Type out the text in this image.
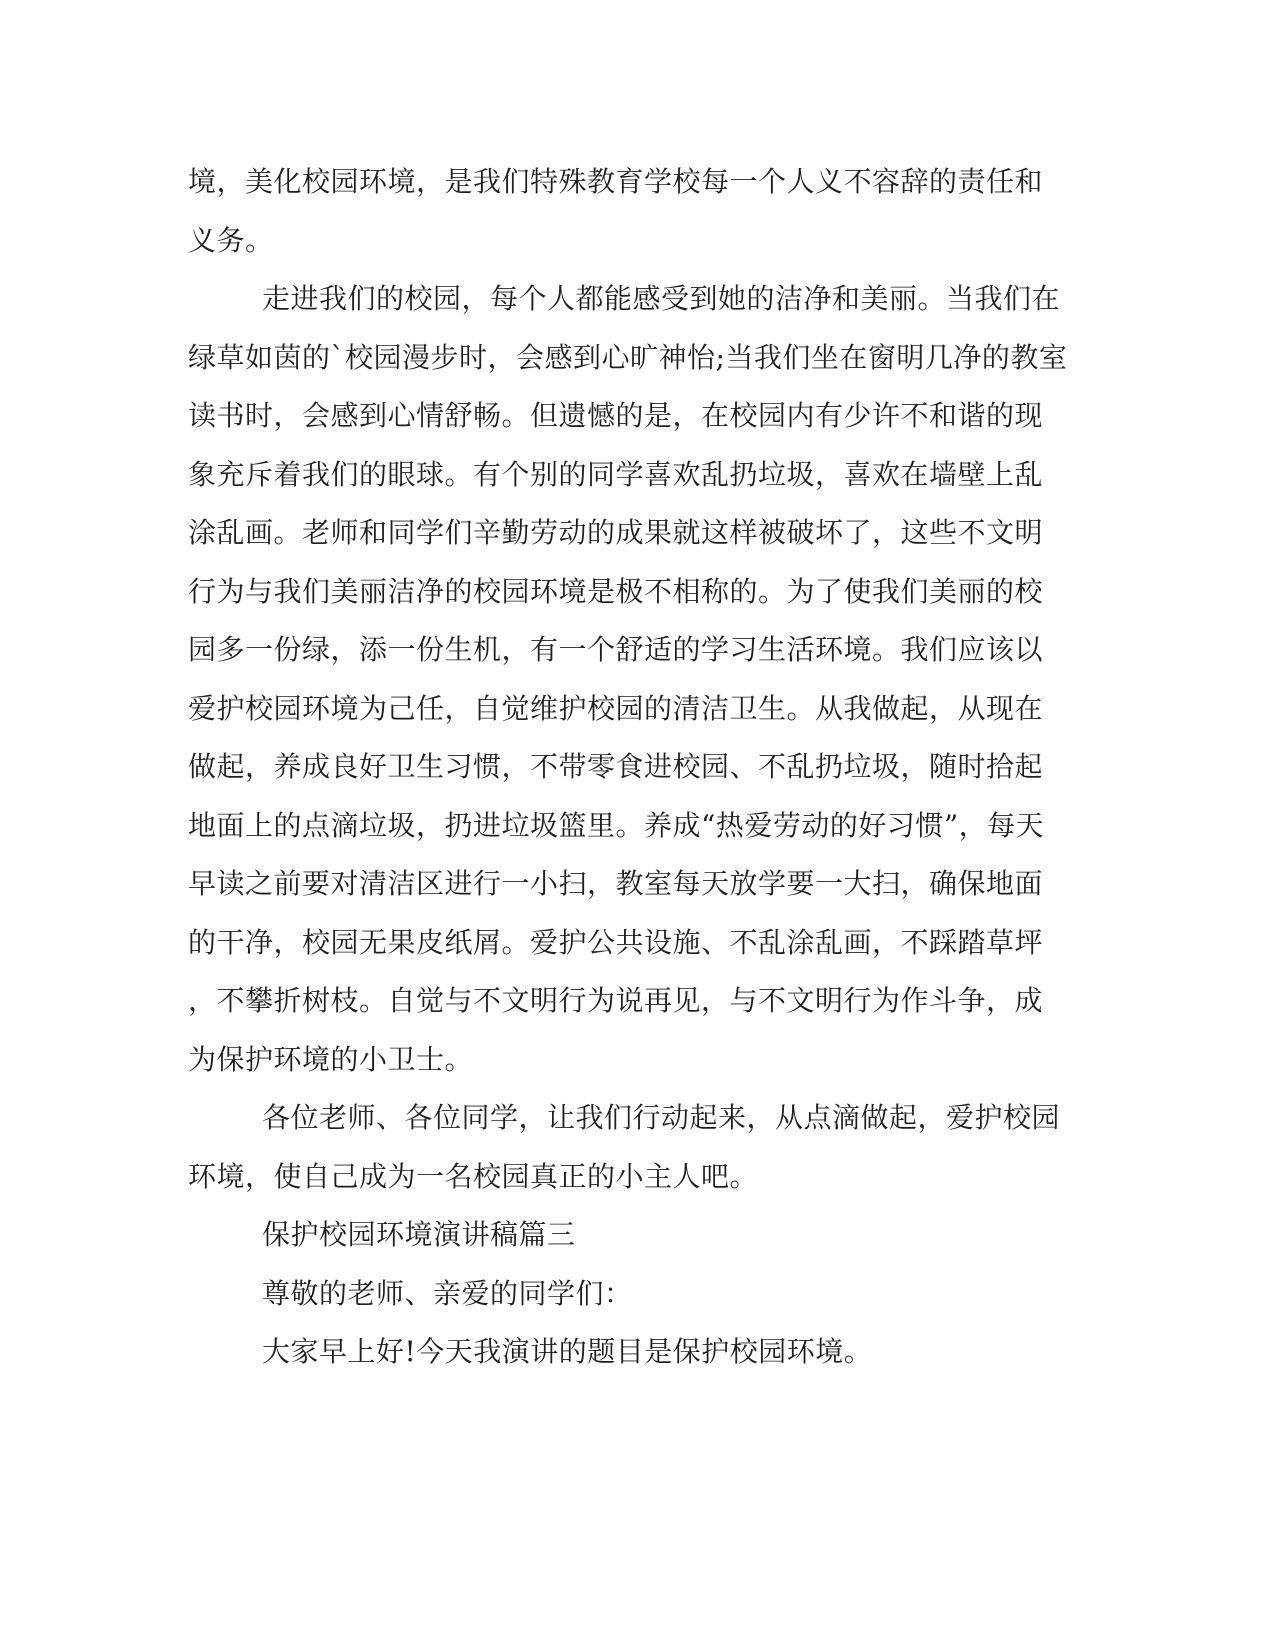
境，美化校园环境，是我们特殊教育学校每一个人义不容辞的责任和

义务。

走进我们的校园，每个人都能感受到她的洁净和美丽。当我们在

绿草如茵的`校园漫步时，会感到心旷神怡;当我们坐在窗明几净的教室

读书时，会感到心情舒畅。但遗憾的是，在校园内有少许不和谐的现

象充斥着我们的眼球。有个别的同学喜欢乱扔垃圾，喜欢在墙壁上乱

涂乱画。老师和同学们辛勤劳动的成果就这样被破坏了，这些不文明

行为与我们美丽洁净的校园环境是极不相称的。为了使我们美丽的校

园多一份绿，添一份生机，有一个舒适的学习生活环境。我们应该以

爱护校园环境为己任，自觉维护校园的清洁卫生。从我做起，从现在

做起，养成良好卫生习惯，不带零食进校园、不乱扔垃圾，随时拾起

地面上的点滴垃圾，扔进垃圾篮里。养成“热爱劳动的好习惯”，每天

早读之前要对清洁区进行一小扫，教室每天放学要一大扫，确保地面

的干净，校园无果皮纸屑。爱护公共设施、不乱涂乱画，不踩踏草坪

，不攀折树枝。自觉与不文明行为说再见，与不文明行为作斗争，成

为保护环境的小卫士。

各位老师、各位同学，让我们行动起来，从点滴做起，爱护校园

环境，使自己成为一名校园真正的小主人吧。

保护校园环境演讲稿篇三

尊敬的老师、亲爱的同学们：

大家早上好!今天我演讲的题目是保护校园环境。
